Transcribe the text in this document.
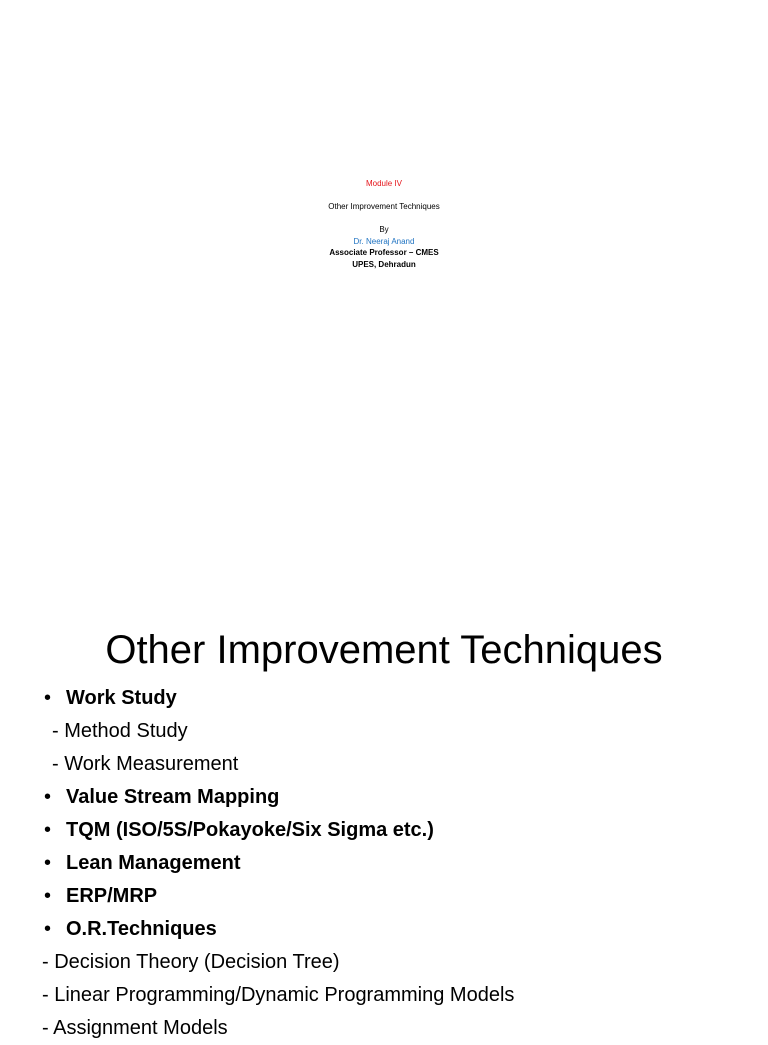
Module IV
Other Improvement Techniques
By
Dr. Neeraj Anand
Associate Professor – CMES
UPES, Dehradun
Other Improvement Techniques
• Work Study
- Method Study
- Work Measurement
• Value Stream Mapping
• TQM (ISO/5S/Pokayoke/Six Sigma etc.)
• Lean Management
• ERP/MRP
• O.R.Techniques
- Decision Theory (Decision Tree)
- Linear Programming/Dynamic Programming Models
- Assignment Models
